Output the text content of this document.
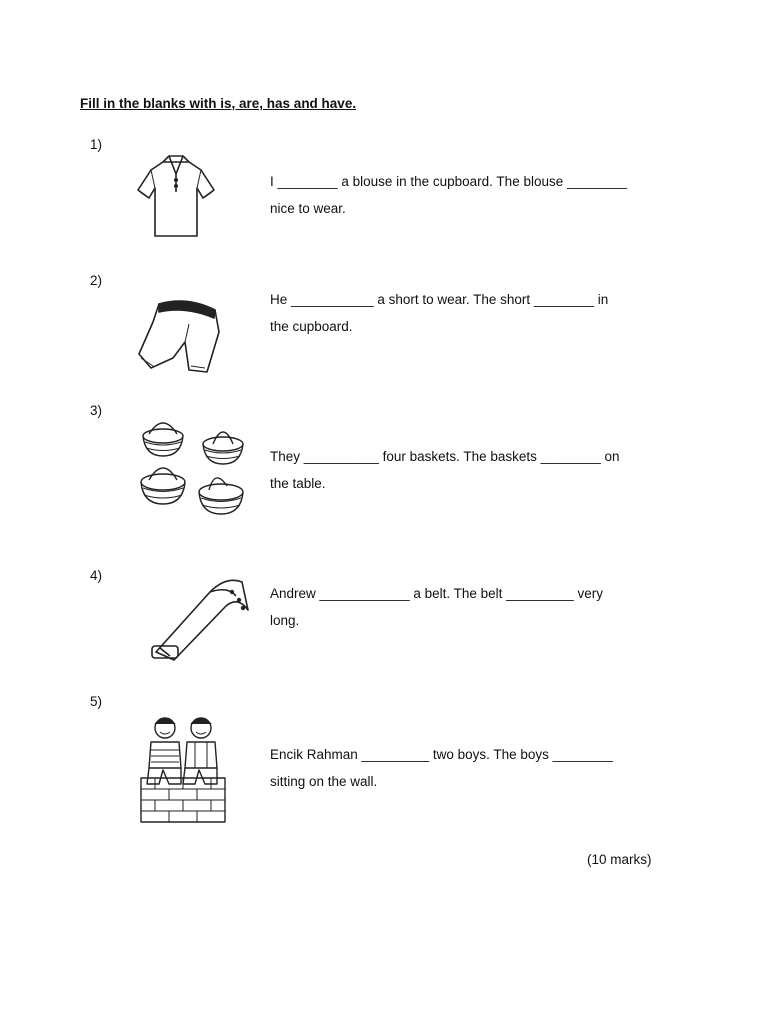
Fill in the blanks with is, are, has and have.
1)

I ________ a blouse in the cupboard. The blouse ________
nice to wear.

2)

He ___________ a short to wear. The short ________ in
the cupboard.

3)

They __________ four baskets. The baskets ________ on
the table.

4)

Andrew ____________ a belt. The belt _________ very
long.

5)

Encik Rahman _________ two boys. The boys ________
sitting on the wall.

(10 marks)
